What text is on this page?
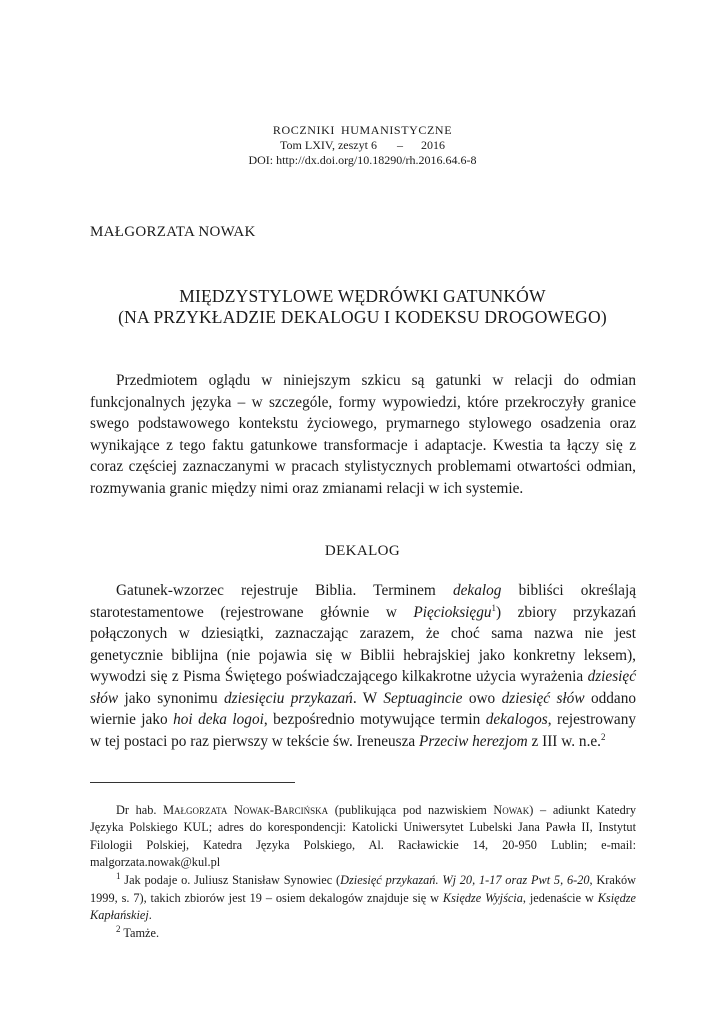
ROCZNIKI HUMANISTYCZNE
Tom LXIV, zeszyt 6 – 2016
DOI: http://dx.doi.org/10.18290/rh.2016.64.6-8
MAŁGORZATA NOWAK
MIĘDZYSTYLOWE WĘDRÓWKI GATUNKÓW
(NA PRZYKŁADZIE DEKALOGU I KODEKSU DROGOWEGO)
Przedmiotem oglądu w niniejszym szkicu są gatunki w relacji do odmian funkcjonalnych języka – w szczególe, formy wypowiedzi, które przekroczyły granice swego podstawowego kontekstu życiowego, prymarnego stylowego osadzenia oraz wynikające z tego faktu gatunkowe transformacje i adaptacje. Kwestia ta łączy się z coraz częściej zaznaczanymi w pracach stylistycznych problemami otwartości odmian, rozmywania granic między nimi oraz zmianami relacji w ich systemie.
DEKALOG
Gatunek-wzorzec rejestruje Biblia. Terminem dekalog bibliści określają starotestamentowe (rejestrowane głównie w Pięcioksięgu$^1$) zbiory przykazań połączonych w dziesiątki, zaznaczając zarazem, że choć sama nazwa nie jest genetycznie biblijna (nie pojawia się w Biblii hebrajskiej jako konkretny leksem), wywodzi się z Pisma Świętego poświadczającego kilkakrotne użycia wyrażenia dziesięć słów jako synonimu dziesięciu przykazań. W Septuagincie owo dziesięć słów oddano wiernie jako hoi deka logoi, bezpośrednio motywujące termin dekalogos, rejestrowany w tej postaci po raz pierwszy w tekście św. Ireneusza Przeciw herezjom z III w. n.e.$^2$

Dr hab. Małgorzata Nowak-Barcińska (publikująca pod nazwiskiem Nowak) – adiunkt Katedry Języka Polskiego KUL; adres do korespondencji: Katolicki Uniwersytet Lubelski Jana Pawła II, Instytut Filologii Polskiej, Katedra Języka Polskiego, Al. Racławickie 14, 20-950 Lublin; e-mail: malgorzata.nowak@kul.pl

$^1$ Jak podaje o. Juliusz Stanisław Synowiec (Dziesięć przykazań. Wj 20, 1-17 oraz Pwt 5, 6-20, Kraków 1999, s. 7), takich zbiorów jest 19 – osiem dekalogów znajduje się w Księdze Wyjścia, jedenaście w Księdze Kapłańskiej.

$^2$ Tamże.
